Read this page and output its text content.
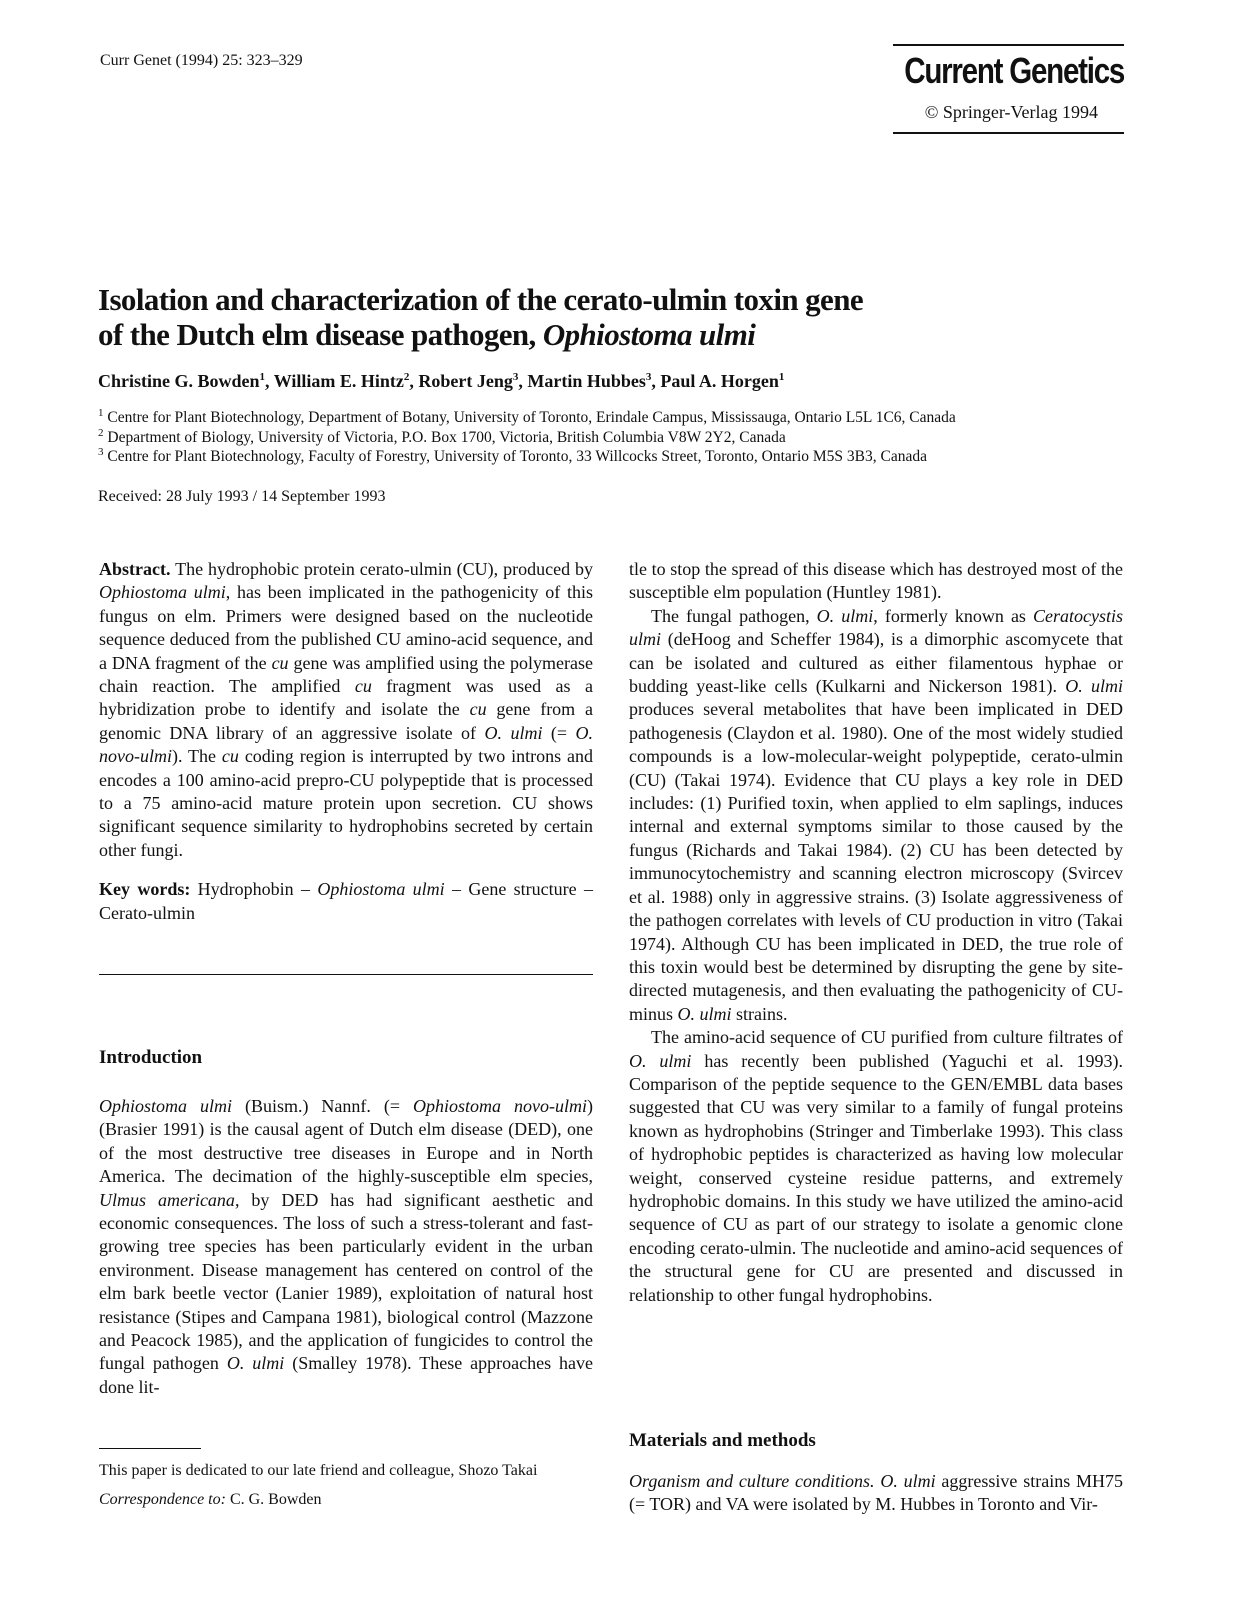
Curr Genet (1994) 25: 323–329	Current Genetics
© Springer-Verlag 1994
Isolation and characterization of the cerato-ulmin toxin gene
of the Dutch elm disease pathogen, Ophiostoma ulmi
Christine G. Bowden$^1$, William E. Hintz$^2$, Robert Jeng$^3$, Martin Hubbes$^3$, Paul A. Horgen$^1$
$^1$ Centre for Plant Biotechnology, Department of Botany, University of Toronto, Erindale Campus, Mississauga, Ontario L5L 1C6, Canada
$^2$ Department of Biology, University of Victoria, P.O. Box 1700, Victoria, British Columbia V8W 2Y2, Canada
$^3$ Centre for Plant Biotechnology, Faculty of Forestry, University of Toronto, 33 Willcocks Street, Toronto, Ontario M5S 3B3, Canada
Received: 28 July 1993 / 14 September 1993

Abstract. The hydrophobic protein cerato-ulmin (CU), produced by Ophiostoma ulmi, has been implicated in the pathogenicity of this fungus on elm. Primers were designed based on the nucleotide sequence deduced from the published CU amino-acid sequence, and a DNA fragment of the cu gene was amplified using the polymerase chain reaction. The amplified cu fragment was used as a hybridization probe to identify and isolate the cu gene from a genomic DNA library of an aggressive isolate of O. ulmi (= O. novo-ulmi). The cu coding region is interrupted by two introns and encodes a 100 amino-acid prepro-CU polypeptide that is processed to a 75 amino-acid mature protein upon secretion. CU shows significant sequence similarity to hydrophobins secreted by certain other fungi.

Key words: Hydrophobin – Ophiostoma ulmi – Gene structure – Cerato-ulmin

Introduction

Ophiostoma ulmi (Buism.) Nannf. (= Ophiostoma novo-ulmi) (Brasier 1991) is the causal agent of Dutch elm disease (DED), one of the most destructive tree diseases in Europe and in North America. The decimation of the highly-susceptible elm species, Ulmus americana, by DED has had significant aesthetic and economic consequences. The loss of such a stress-tolerant and fast-growing tree species has been particularly evident in the urban environment. Disease management has centered on control of the elm bark beetle vector (Lanier 1989), exploitation of natural host resistance (Stipes and Campana 1981), biological control (Mazzone and Peacock 1985), and the application of fungicides to control the fungal pathogen O. ulmi (Smalley 1978). These approaches have done lit-

tle to stop the spread of this disease which has destroyed most of the susceptible elm population (Huntley 1981).

The fungal pathogen, O. ulmi, formerly known as Ceratocystis ulmi (deHoog and Scheffer 1984), is a dimorphic ascomycete that can be isolated and cultured as either filamentous hyphae or budding yeast-like cells (Kulkarni and Nickerson 1981). O. ulmi produces several metabolites that have been implicated in DED pathogenesis (Claydon et al. 1980). One of the most widely studied compounds is a low-molecular-weight polypeptide, cerato-ulmin (CU) (Takai 1974). Evidence that CU plays a key role in DED includes: (1) Purified toxin, when applied to elm saplings, induces internal and external symptoms similar to those caused by the fungus (Richards and Takai 1984). (2) CU has been detected by immunocytochemistry and scanning electron microscopy (Svircev et al. 1988) only in aggressive strains. (3) Isolate aggressiveness of the pathogen correlates with levels of CU production in vitro (Takai 1974). Although CU has been implicated in DED, the true role of this toxin would best be determined by disrupting the gene by site-directed mutagenesis, and then evaluating the pathogenicity of CU-minus O. ulmi strains.

The amino-acid sequence of CU purified from culture filtrates of O. ulmi has recently been published (Yaguchi et al. 1993). Comparison of the peptide sequence to the GEN/EMBL data bases suggested that CU was very similar to a family of fungal proteins known as hydrophobins (Stringer and Timberlake 1993). This class of hydrophobic peptides is characterized as having low molecular weight, conserved cysteine residue patterns, and extremely hydrophobic domains. In this study we have utilized the amino-acid sequence of CU as part of our strategy to isolate a genomic clone encoding cerato-ulmin. The nucleotide and amino-acid sequences of the structural gene for CU are presented and discussed in relationship to other fungal hydrophobins.

Materials and methods

Organism and culture conditions. O. ulmi aggressive strains MH75 (= TOR) and VA were isolated by M. Hubbes in Toronto and Vir-

This paper is dedicated to our late friend and colleague, Shozo Takai
Correspondence to: C. G. Bowden
